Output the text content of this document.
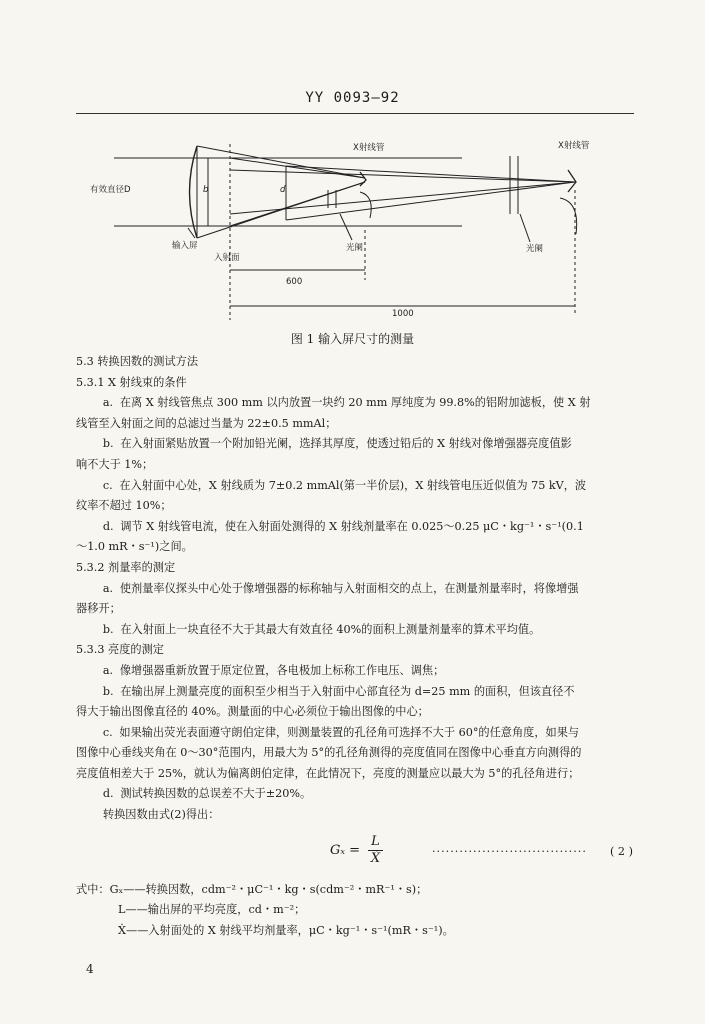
YY 0093—92
有效直径D	b	d
输入屏
入射面
X射线管	X射线管
光阑	光阑
600
1000
图 1 输入屏尺寸的测量
5.3 转换因数的测试方法
5.3.1 X 射线束的条件
a. 在离 X 射线管焦点 300 mm 以内放置一块约 20 mm 厚纯度为 99.8%的铝附加滤板，使 X 射
线管至入射面之间的总滤过当量为 22±0.5 mmAl；
b. 在入射面紧贴放置一个附加铅光阑，选择其厚度，使透过铅后的 X 射线对像增强器亮度值影
响不大于 1%；
c. 在入射面中心处，X 射线质为 7±0.2 mmAl(第一半价层)，X 射线管电压近似值为 75 kV，波
纹率不超过 10%；
d. 调节 X 射线管电流，使在入射面处测得的 X 射线剂量率在 0.025～0.25 μC・kg⁻¹・s⁻¹(0.1
～1.0 mR・s⁻¹)之间。
5.3.2 剂量率的测定
a. 使剂量率仪探头中心处于像增强器的标称轴与入射面相交的点上，在测量剂量率时，将像增强
器移开；
b. 在入射面上一块直径不大于其最大有效直径 40%的面积上测量剂量率的算术平均值。
5.3.3 亮度的测定
a. 像增强器重新放置于原定位置，各电极加上标称工作电压、调焦；
b. 在输出屏上测量亮度的面积至少相当于入射面中心部直径为 d=25 mm 的面积，但该直径不
得大于输出图像直径的 40%。测量面的中心必须位于输出图像的中心；
c. 如果输出荧光表面遵守朗伯定律，则测量装置的孔径角可选择不大于 60°的任意角度，如果与
图像中心垂线夹角在 0～30°范围内，用最大为 5°的孔径角测得的亮度值同在图像中心垂直方向测得的
亮度值相差大于 25%，就认为偏离朗伯定律，在此情况下，亮度的测量应以最大为 5°的孔径角进行；
d. 测试转换因数的总误差不大于±20%。
转换因数由式(2)得出：
$G_x = \frac{L}{\text{Ẋ}}$	·································· ( 2 )
式中：Gₓ——转换因数，cdm⁻²・μC⁻¹・kg・s(cdm⁻²・mR⁻¹・s)；
L——输出屏的平均亮度，cd・m⁻²；
Ẋ——入射面处的 X 射线平均剂量率，μC・kg⁻¹・s⁻¹(mR・s⁻¹)。
4
